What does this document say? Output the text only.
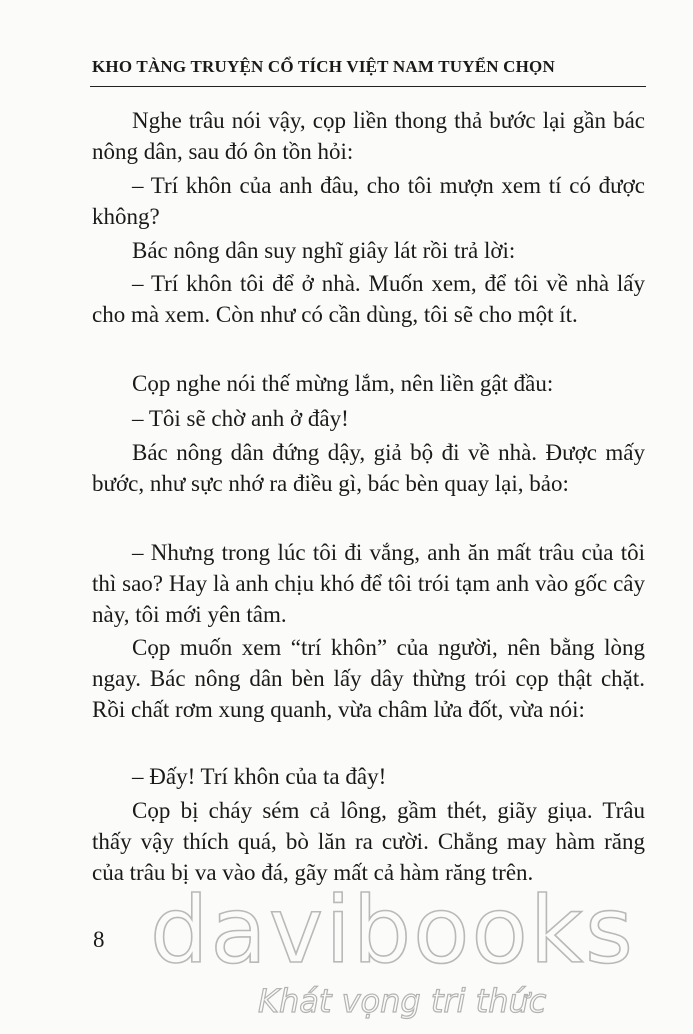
KHO TÀNG TRUYỆN CỔ TÍCH VIỆT NAM TUYỂN CHỌN

Nghe trâu nói vậy, cọp liền thong thả bước lại gần bác nông dân, sau đó ôn tồn hỏi:

– Trí khôn của anh đâu, cho tôi mượn xem tí có được không?

Bác nông dân suy nghĩ giây lát rồi trả lời:

– Trí khôn tôi để ở nhà. Muốn xem, để tôi về nhà lấy cho mà xem. Còn như có cần dùng, tôi sẽ cho một ít.

Cọp nghe nói thế mừng lắm, nên liền gật đầu:

– Tôi sẽ chờ anh ở đây!

Bác nông dân đứng dậy, giả bộ đi về nhà. Được mấy bước, như sực nhớ ra điều gì, bác bèn quay lại, bảo:

– Nhưng trong lúc tôi đi vắng, anh ăn mất trâu của tôi thì sao? Hay là anh chịu khó để tôi trói tạm anh vào gốc cây này, tôi mới yên tâm.

Cọp muốn xem “trí khôn” của người, nên bằng lòng ngay. Bác nông dân bèn lấy dây thừng trói cọp thật chặt. Rồi chất rơm xung quanh, vừa châm lửa đốt, vừa nói:

– Đấy! Trí khôn của ta đây!

Cọp bị cháy sém cả lông, gầm thét, giãy giụa. Trâu thấy vậy thích quá, bò lăn ra cười. Chẳng may hàm răng của trâu bị va vào đá, gãy mất cả hàm răng trên.

8 davibooks
Khát vọng tri thức
